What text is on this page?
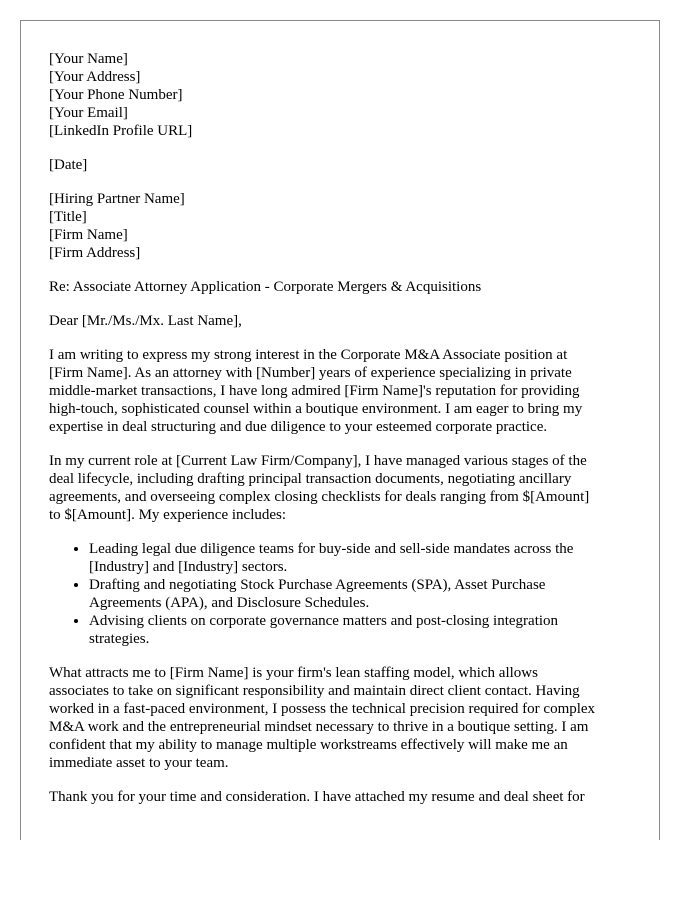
[Your Name]
[Your Address]
[Your Phone Number]
[Your Email]
[LinkedIn Profile URL]
[Date]
[Hiring Partner Name]
[Title]
[Firm Name]
[Firm Address]

Re: Associate Attorney Application - Corporate Mergers & Acquisitions

Dear [Mr./Ms./Mx. Last Name],

I am writing to express my strong interest in the Corporate M&A Associate position at
[Firm Name]. As an attorney with [Number] years of experience specializing in private
middle-market transactions, I have long admired [Firm Name]'s reputation for providing
high-touch, sophisticated counsel within a boutique environment. I am eager to bring my
expertise in deal structuring and due diligence to your esteemed corporate practice.

In my current role at [Current Law Firm/Company], I have managed various stages of the
deal lifecycle, including drafting principal transaction documents, negotiating ancillary
agreements, and overseeing complex closing checklists for deals ranging from $[Amount]
to $[Amount]. My experience includes:

• Leading legal due diligence teams for buy-side and sell-side mandates across the
[Industry] and [Industry] sectors.
• Drafting and negotiating Stock Purchase Agreements (SPA), Asset Purchase
Agreements (APA), and Disclosure Schedules.
• Advising clients on corporate governance matters and post-closing integration
strategies.

What attracts me to [Firm Name] is your firm's lean staffing model, which allows
associates to take on significant responsibility and maintain direct client contact. Having
worked in a fast-paced environment, I possess the technical precision required for complex
M&A work and the entrepreneurial mindset necessary to thrive in a boutique setting. I am
confident that my ability to manage multiple workstreams effectively will make me an
immediate asset to your team.

Thank you for your time and consideration. I have attached my resume and deal sheet for
